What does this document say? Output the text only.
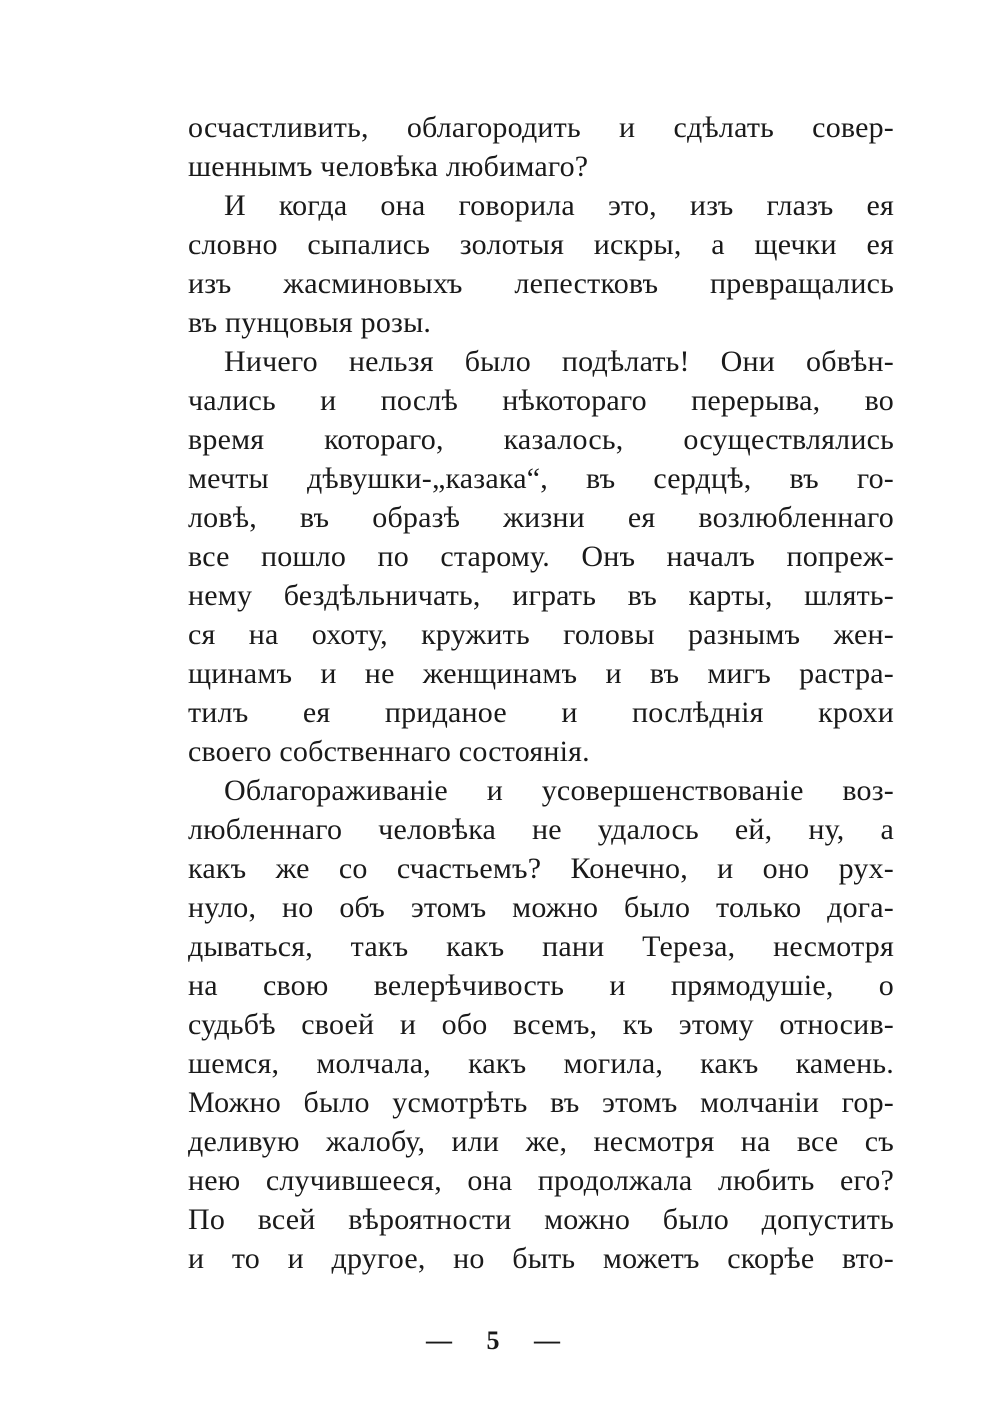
осчастливить, облагородить и сдѣлать совер-
шеннымъ человѣка любимаго?
И когда она говорила это, изъ глазъ ея
словно сыпались золотыя искры, а щечки ея
изъ жасминовыхъ лепестковъ превращались
въ пунцовыя розы.
Ничего нельзя было подѣлать! Они обвѣн-
чались и послѣ нѣкотораго перерыва, во
время котораго, казалось, осуществлялись
мечты дѣвушки-„казака“, въ сердцѣ, въ го-
ловѣ, въ образѣ жизни ея возлюбленнаго
все пошло по старому. Онъ началъ попреж-
нему бездѣльничать, играть въ карты, шлять-
ся на охоту, кружить головы разнымъ жен-
щинамъ и не женщинамъ и въ мигъ растра-
тилъ ея приданое и послѣднія крохи
своего собственнаго состоянія.
Облагораживаніе и усовершенствованіе воз-
любленнаго человѣка не удалось ей, ну, а
какъ же со счастьемъ? Конечно, и оно рух-
нуло, но объ этомъ можно было только дога-
дываться, такъ какъ пани Тереза, несмотря
на свою велерѣчивость и прямодушіе, о
судьбѣ своей и обо всемъ, къ этому относив-
шемся, молчала, какъ могила, какъ камень.
Можно было усмотрѣть въ этомъ молчаніи гор-
деливую жалобу, или же, несмотря на все съ
нею случившееся, она продолжала любить его?
По всей вѣроятности можно было допустить
и то и другое, но быть можетъ скорѣе вто-
— 5 —
